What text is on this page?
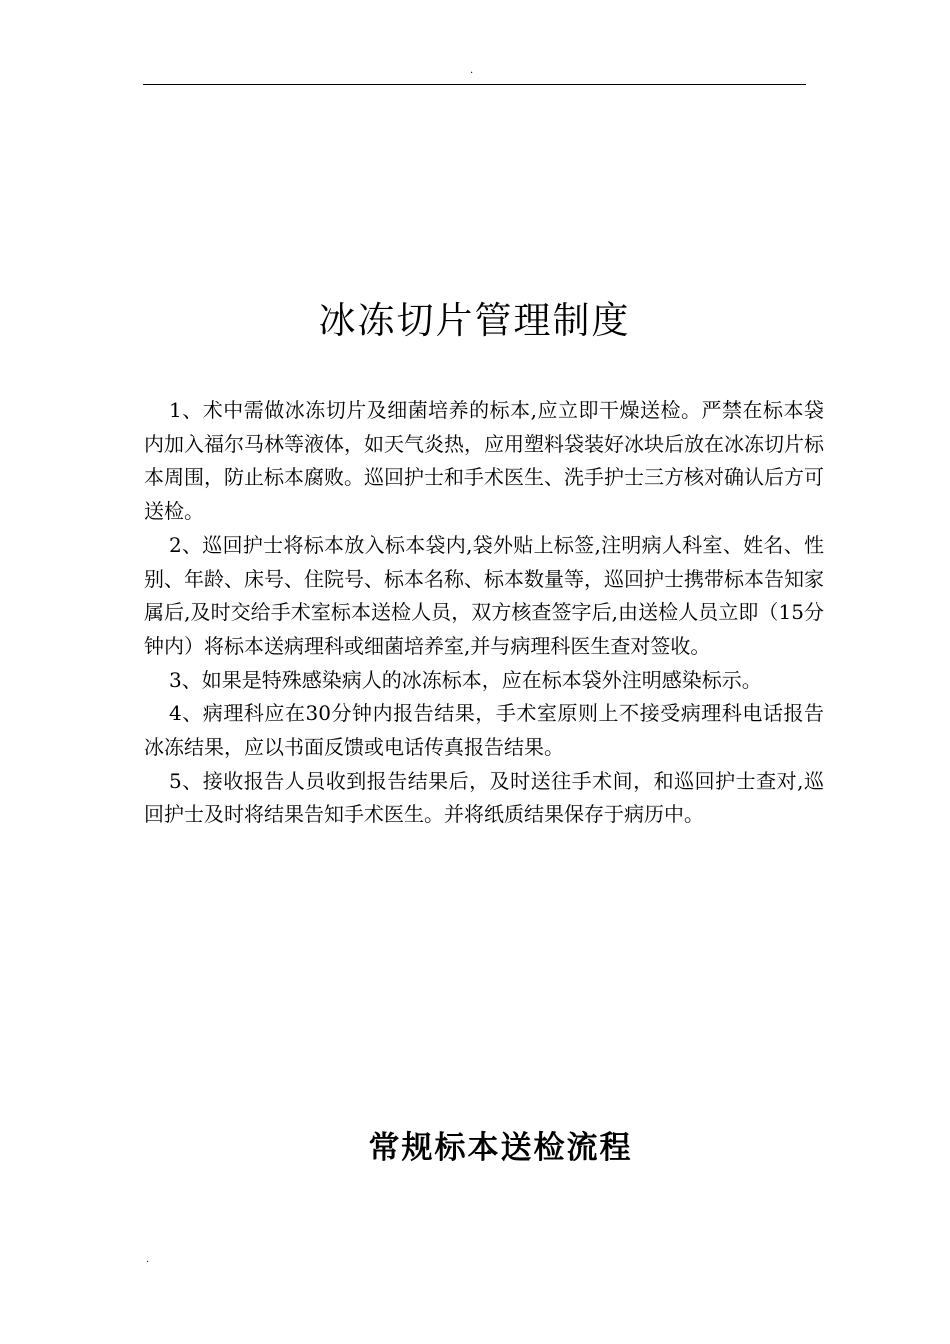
.
冰冻切片管理制度

1、术中需做冰冻切片及细菌培养的标本,应立即干燥送检。严禁在标本袋内加入福尔马林等液体，如天气炎热，应用塑料袋装好冰块后放在冰冻切片标本周围，防止标本腐败。巡回护士和手术医生、洗手护士三方核对确认后方可送检。

2、巡回护士将标本放入标本袋内,袋外贴上标签,注明病人科室、姓名、性别、年龄、床号、住院号、标本名称、标本数量等，巡回护士携带标本告知家属后,及时交给手术室标本送检人员，双方核查签字后,由送检人员立即（15分钟内）将标本送病理科或细菌培养室,并与病理科医生查对签收。

3、如果是特殊感染病人的冰冻标本，应在标本袋外注明感染标示。

4、病理科应在30分钟内报告结果，手术室原则上不接受病理科电话报告冰冻结果，应以书面反馈或电话传真报告结果。

5、接收报告人员收到报告结果后，及时送往手术间，和巡回护士查对,巡回护士及时将结果告知手术医生。并将纸质结果保存于病历中。

常规标本送检流程
.
